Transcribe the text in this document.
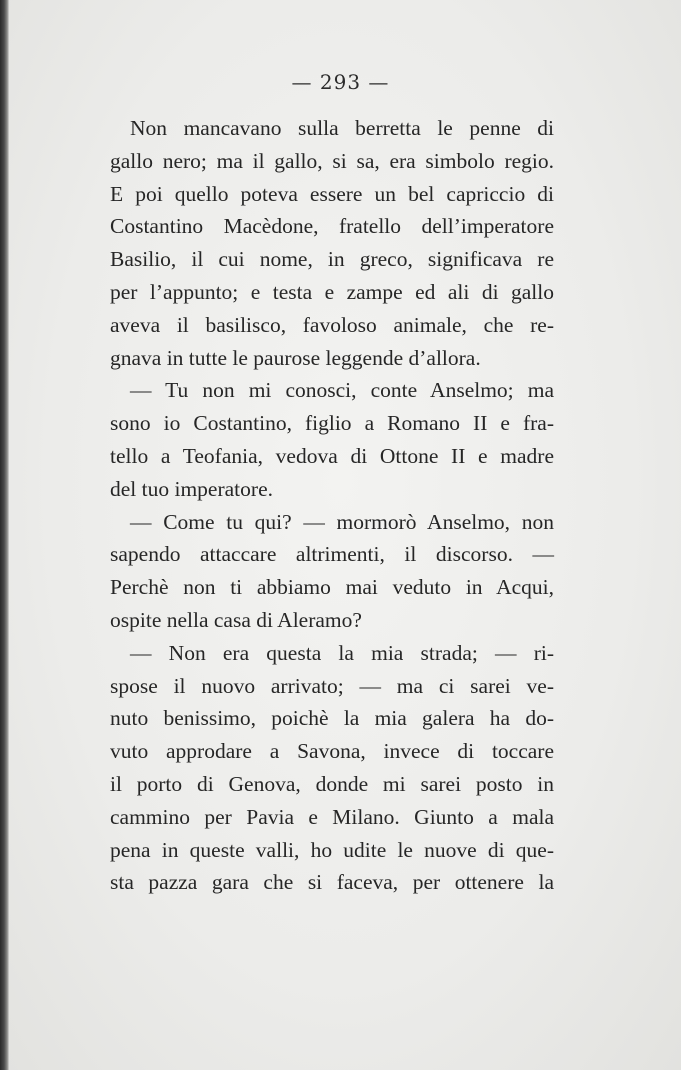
— 293 —
Non mancavano sulla berretta le penne di
gallo nero; ma il gallo, si sa, era simbolo regio.
E poi quello poteva essere un bel capriccio di
Costantino Macèdone, fratello dell’imperatore
Basilio, il cui nome, in greco, significava re
per l’appunto; e testa e zampe ed ali di gallo
aveva il basilisco, favoloso animale, che re-
gnava in tutte le paurose leggende d’allora.
— Tu non mi conosci, conte Anselmo; ma
sono io Costantino, figlio a Romano II e fra-
tello a Teofania, vedova di Ottone II e madre
del tuo imperatore.
— Come tu qui? — mormorò Anselmo, non
sapendo attaccare altrimenti, il discorso. —
Perchè non ti abbiamo mai veduto in Acqui,
ospite nella casa di Aleramo?
— Non era questa la mia strada; — ri-
spose il nuovo arrivato; — ma ci sarei ve-
nuto benissimo, poichè la mia galera ha do-
vuto approdare a Savona, invece di toccare
il porto di Genova, donde mi sarei posto in
cammino per Pavia e Milano. Giunto a mala
pena in queste valli, ho udite le nuove di que-
sta pazza gara che si faceva, per ottenere la
